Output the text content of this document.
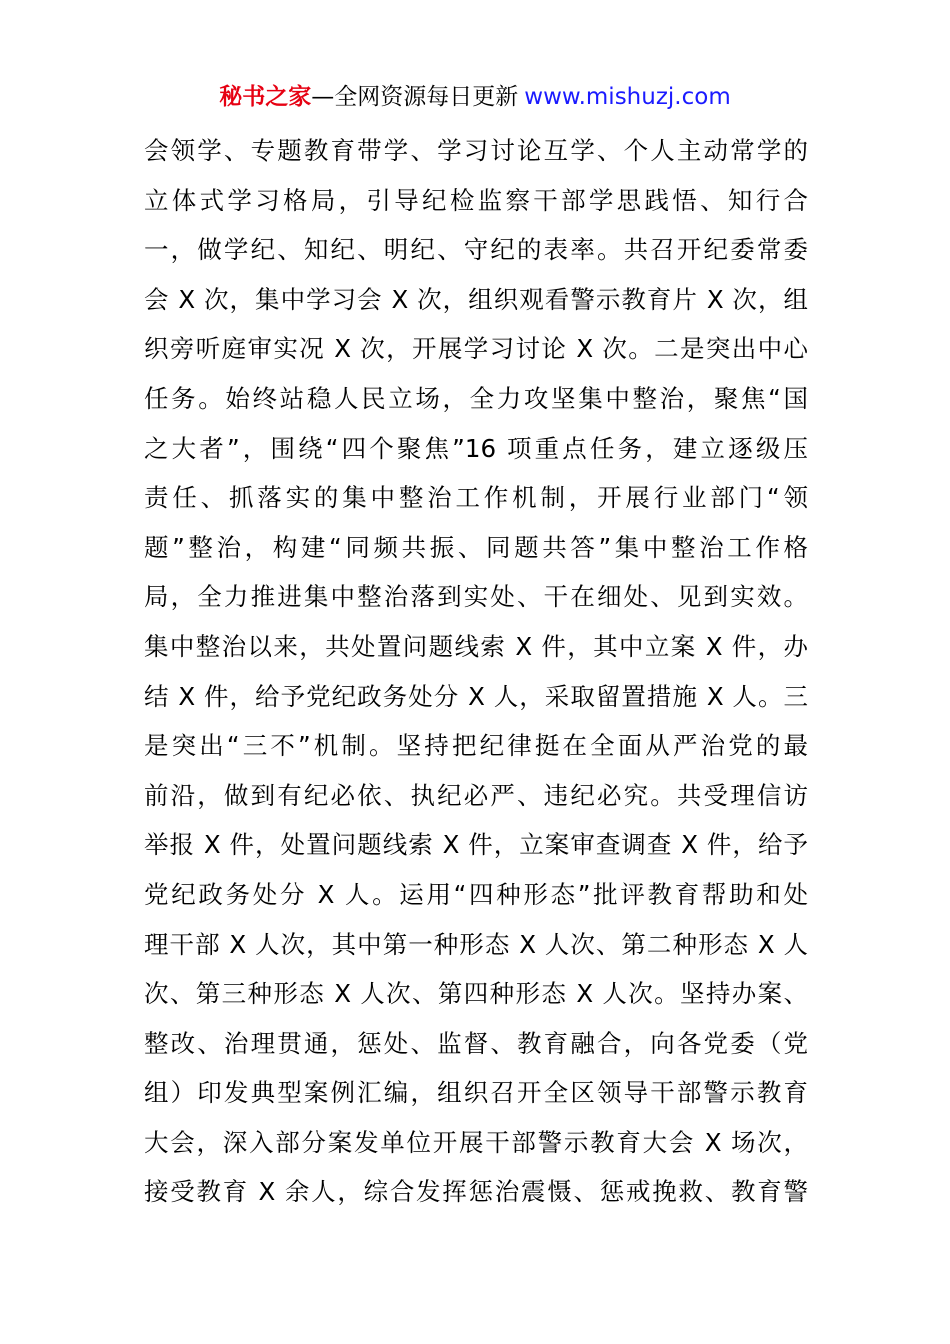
秘书之家—全网资源每日更新 www.mishuzj.com
会领学、专题教育带学、学习讨论互学、个人主动常学的
立体式学习格局，引导纪检监察干部学思践悟、知行合
一，做学纪、知纪、明纪、守纪的表率。共召开纪委常委
会 X 次，集中学习会 X 次，组织观看警示教育片 X 次，组
织旁听庭审实况 X 次，开展学习讨论 X 次。二是突出中心
任务。始终站稳人民立场，全力攻坚集中整治，聚焦“国
之大者”，围绕“四个聚焦”16 项重点任务，建立逐级压
责任、抓落实的集中整治工作机制，开展行业部门“领
题”整治，构建“同频共振、同题共答”集中整治工作格
局，全力推进集中整治落到实处、干在细处、见到实效。
集中整治以来，共处置问题线索 X 件，其中立案 X 件，办
结 X 件，给予党纪政务处分 X 人，采取留置措施 X 人。三
是突出“三不”机制。坚持把纪律挺在全面从严治党的最
前沿，做到有纪必依、执纪必严、违纪必究。共受理信访
举报 X 件，处置问题线索 X 件，立案审查调查 X 件，给予
党纪政务处分 X 人。运用“四种形态”批评教育帮助和处
理干部 X 人次，其中第一种形态 X 人次、第二种形态 X 人
次、第三种形态 X 人次、第四种形态 X 人次。坚持办案、
整改、治理贯通，惩处、监督、教育融合，向各党委（党
组）印发典型案例汇编，组织召开全区领导干部警示教育
大会，深入部分案发单位开展干部警示教育大会 X 场次，
接受教育 X 余人，综合发挥惩治震慑、惩戒挽救、教育警
